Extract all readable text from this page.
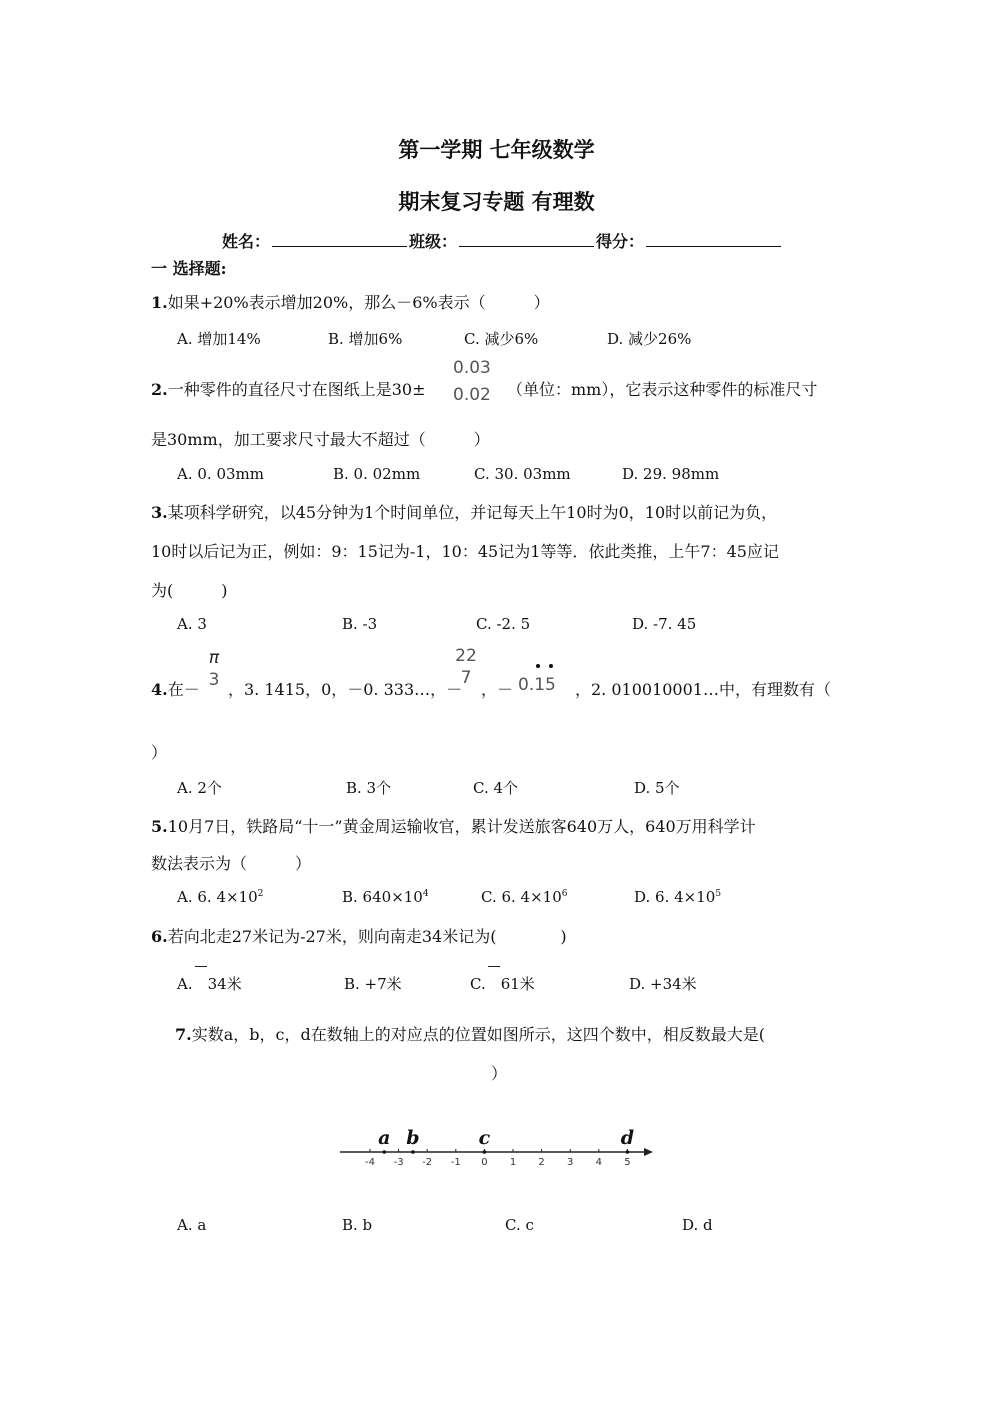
第一学期 七年级数学
期末复习专题 有理数
姓名：	班级：	得分：
一 选择题:
1.如果+20%表示增加20%，那么－6%表示（　　　）
A. 增加14%	B. 增加6%	C. 减少6%	D. 减少26%
2.一种零件的直径尺寸在图纸上是30±
0.03
0.02 （单位：mm），它表示这种零件的标准尺寸
是30mm，加工要求尺寸最大不超过（　　　）
A. 0. 03mm	B. 0. 02mm	C. 30. 03mm	D. 29. 98mm
3.某项科学研究，以45分钟为1个时间单位，并记每天上午10时为0，10时以前记为负，
10时以后记为正，例如：9：15记为-1，10：45记为1等等．依此类推，上午7：45应记
为(　　　)
A. 3	B. -3	C. -2. 5	D. -7. 45
4.在－
π
3 ，3. 1415，0，－0. 333…，－
22
7
，－ 0.15 ，2. 010010001…中，有理数有（
）
A. 2个	B. 3个	C. 4个	D. 5个
5.10月7日，铁路局“十一”黄金周运输收官，累计发送旅客640万人，640万用科学计
数法表示为（　　　）
A. 6. $4\times 10^2$	B. $640\times 10^4$	C. 6. $4\times 10^6$	D. 6. $4\times 10^5$
6.若向北走27米记为-27米，则向南走34米记为(　　　　)
A.　34米	B. +7米	C.　61米	D. +34米
7.实数a，b，c，d在数轴上的对应点的位置如图所示，这四个数中，相反数最大是(
）
-4 -3 -2 -1 0 1 2 3 4 5
a b	c	d
A. a	B. b	C. c	D. d
